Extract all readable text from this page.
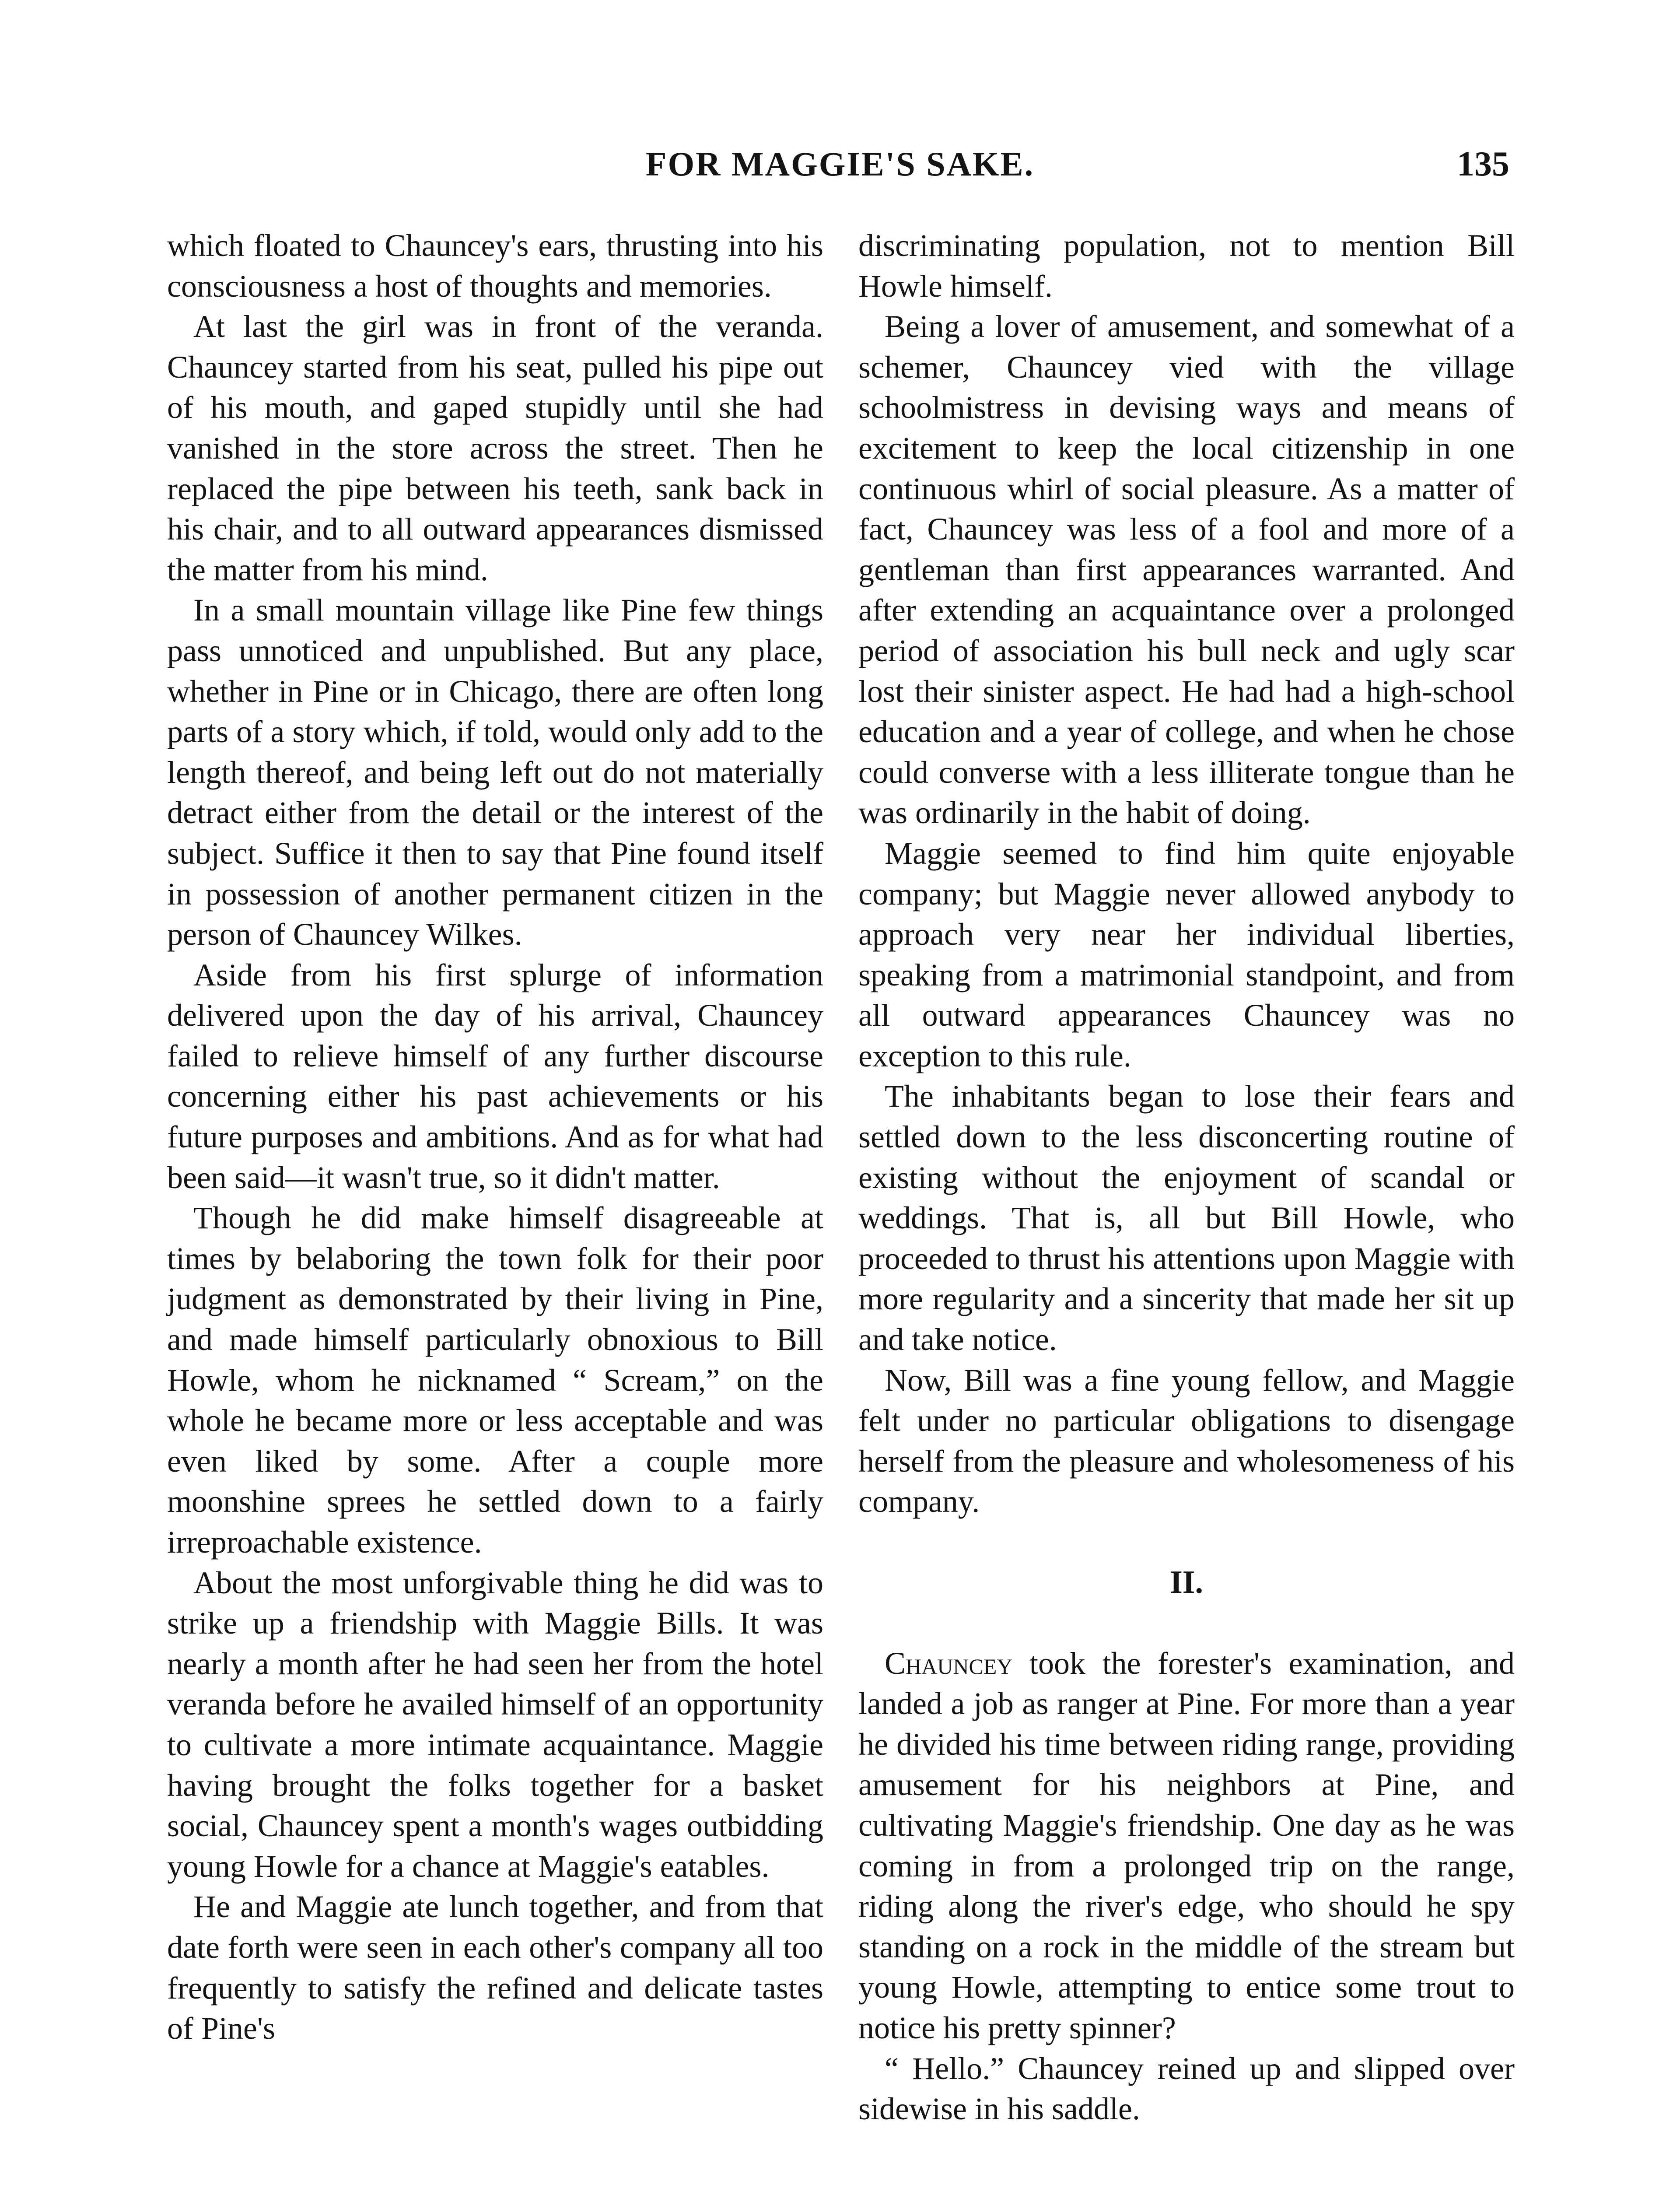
FOR MAGGIE'S SAKE.	135

which floated to Chauncey's ears, thrusting into his consciousness a host of thoughts and memories.

At last the girl was in front of the veranda. Chauncey started from his seat, pulled his pipe out of his mouth, and gaped stupidly until she had vanished in the store across the street. Then he replaced the pipe between his teeth, sank back in his chair, and to all outward appearances dismissed the matter from his mind.

In a small mountain village like Pine few things pass unnoticed and unpublished. But any place, whether in Pine or in Chicago, there are often long parts of a story which, if told, would only add to the length thereof, and being left out do not materially detract either from the detail or the interest of the subject. Suffice it then to say that Pine found itself in possession of another permanent citizen in the person of Chauncey Wilkes.

Aside from his first splurge of information delivered upon the day of his arrival, Chauncey failed to relieve himself of any further discourse concerning either his past achievements or his future purposes and ambitions. And as for what had been said—it wasn't true, so it didn't matter.

Though he did make himself disagreeable at times by belaboring the town folk for their poor judgment as demonstrated by their living in Pine, and made himself particularly obnoxious to Bill Howle, whom he nicknamed “ Scream,” on the whole he became more or less acceptable and was even liked by some. After a couple more moonshine sprees he settled down to a fairly irreproachable existence.

About the most unforgivable thing he did was to strike up a friendship with Maggie Bills. It was nearly a month after he had seen her from the hotel veranda before he availed himself of an opportunity to cultivate a more intimate acquaintance. Maggie having brought the folks together for a basket social, Chauncey spent a month's wages outbidding young Howle for a chance at Maggie's eatables.

He and Maggie ate lunch together, and from that date forth were seen in each other's company all too frequently to satisfy the refined and delicate tastes of Pine's

discriminating population, not to mention Bill Howle himself.

Being a lover of amusement, and somewhat of a schemer, Chauncey vied with the village schoolmistress in devising ways and means of excitement to keep the local citizenship in one continuous whirl of social pleasure. As a matter of fact, Chauncey was less of a fool and more of a gentleman than first appearances warranted. And after extending an acquaintance over a prolonged period of association his bull neck and ugly scar lost their sinister aspect. He had had a high-school education and a year of college, and when he chose could converse with a less illiterate tongue than he was ordinarily in the habit of doing.

Maggie seemed to find him quite enjoyable company; but Maggie never allowed anybody to approach very near her individual liberties, speaking from a matrimonial standpoint, and from all outward appearances Chauncey was no exception to this rule.

The inhabitants began to lose their fears and settled down to the less disconcerting routine of existing without the enjoyment of scandal or weddings. That is, all but Bill Howle, who proceeded to thrust his attentions upon Maggie with more regularity and a sincerity that made her sit up and take notice.

Now, Bill was a fine young fellow, and Maggie felt under no particular obligations to disengage herself from the pleasure and wholesomeness of his company.

II.

Chauncey took the forester's examination, and landed a job as ranger at Pine. For more than a year he divided his time between riding range, providing amusement for his neighbors at Pine, and cultivating Maggie's friendship. One day as he was coming in from a prolonged trip on the range, riding along the river's edge, who should he spy standing on a rock in the middle of the stream but young Howle, attempting to entice some trout to notice his pretty spinner?

“ Hello.” Chauncey reined up and slipped over sidewise in his saddle.
